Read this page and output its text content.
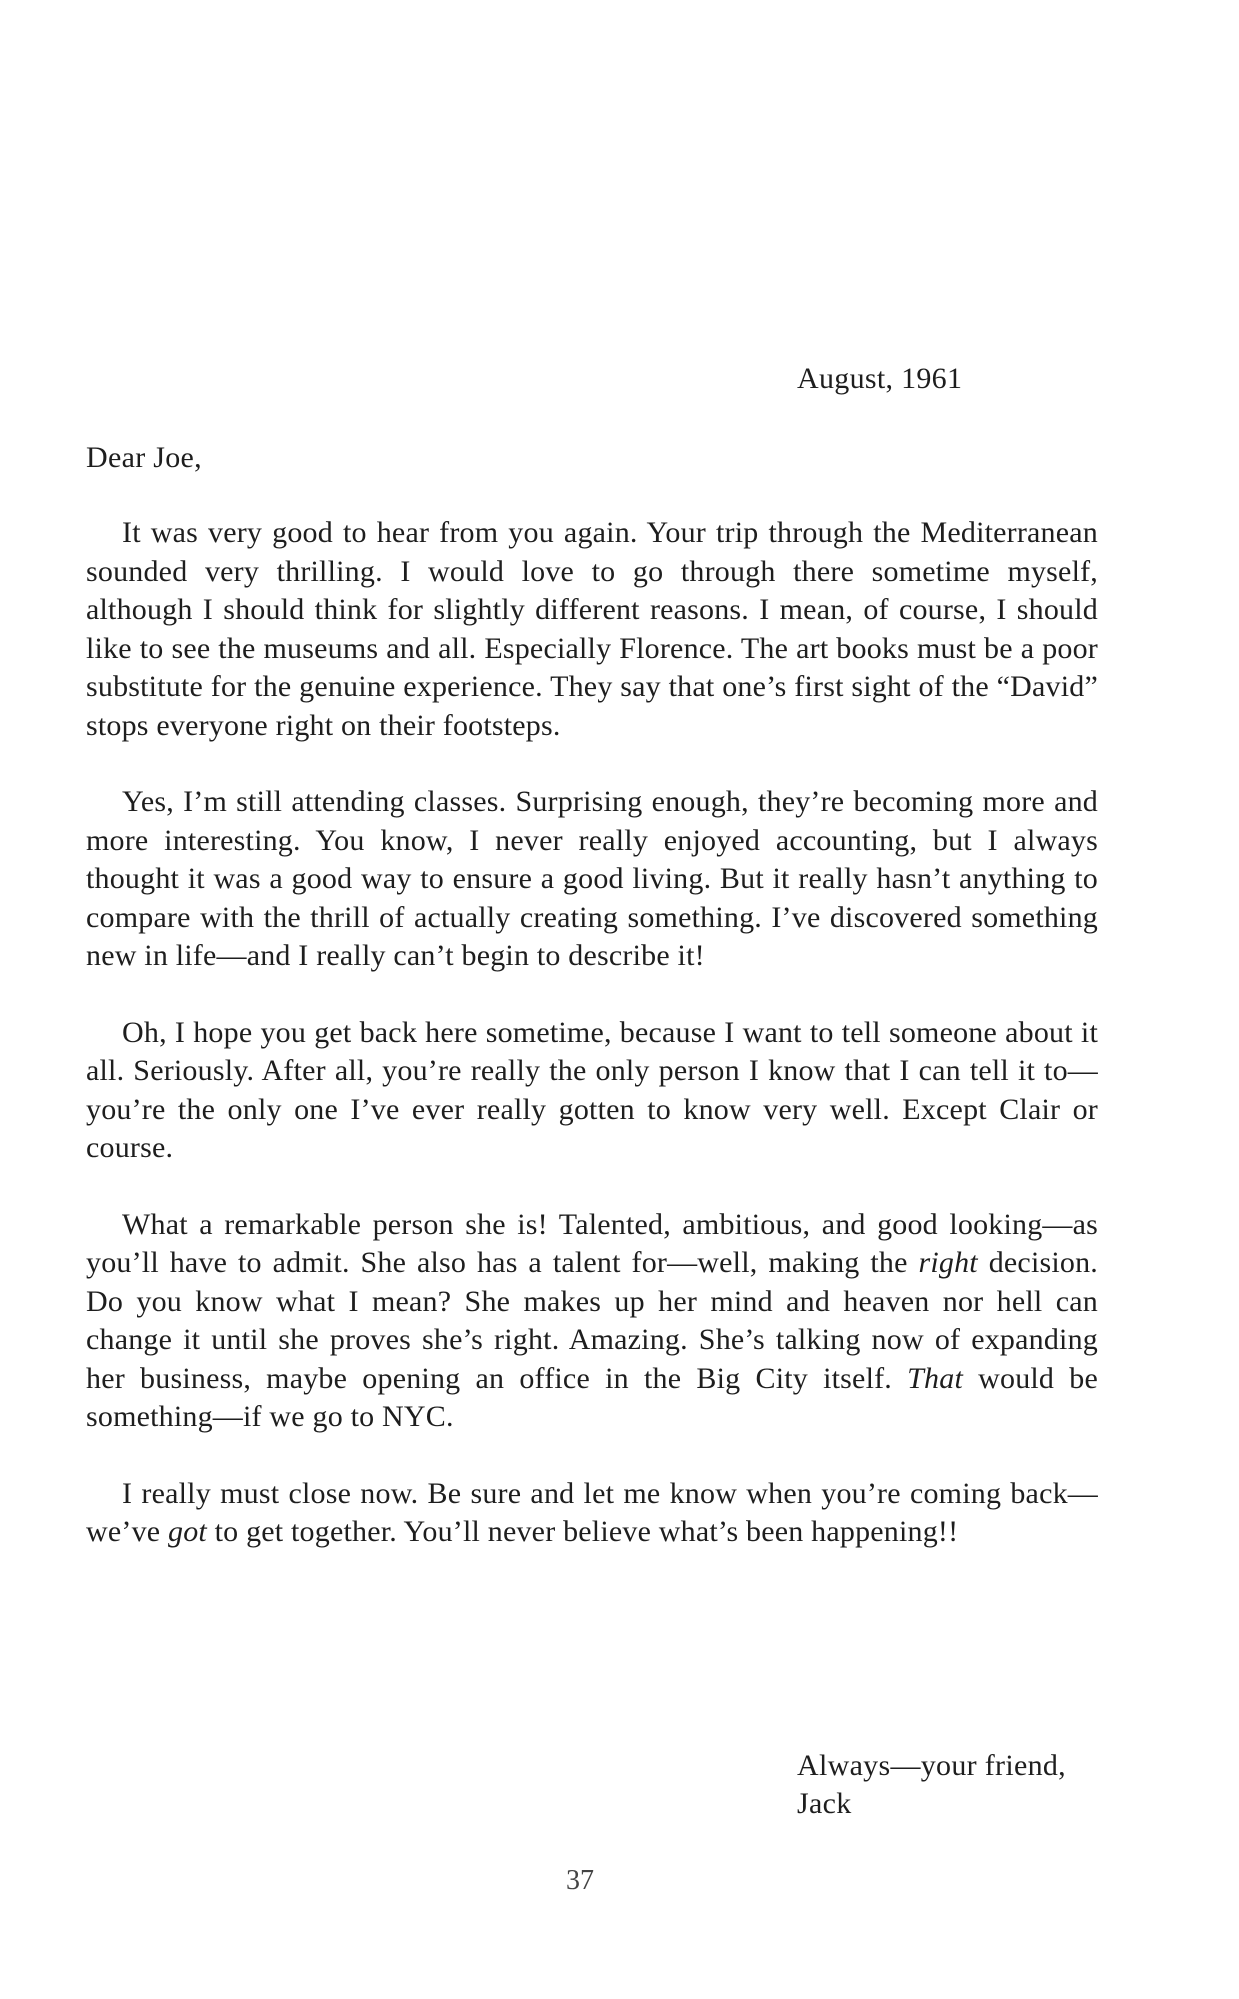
August, 1961
Dear Joe,

It was very good to hear from you again. Your trip through the Mediterranean sounded very thrilling. I would love to go through there sometime myself, although I should think for slightly different reasons. I mean, of course, I should like to see the museums and all. Especially Florence. The art books must be a poor substitute for the genuine experience. They say that one’s first sight of the “David” stops everyone right on their footsteps.

Yes, I’m still attending classes. Surprising enough, they’re becoming more and more interesting. You know, I never really enjoyed accounting, but I always thought it was a good way to ensure a good living. But it really hasn’t anything to compare with the thrill of actually creating something. I’ve discovered something new in life—and I really can’t begin to describe it!

Oh, I hope you get back here sometime, because I want to tell someone about it all. Seriously. After all, you’re really the only person I know that I can tell it to—you’re the only one I’ve ever really gotten to know very well. Except Clair or course.

What a remarkable person she is! Talented, ambitious, and good looking—as you’ll have to admit. She also has a talent for—well, making the right decision. Do you know what I mean? She makes up her mind and heaven nor hell can change it until she proves she’s right. Amazing. She’s talking now of expanding her business, maybe opening an office in the Big City itself. That would be something—if we go to NYC.

I really must close now. Be sure and let me know when you’re coming back—we’ve got to get together. You’ll never believe what’s been happening!!

Always—your friend,
Jack
37
